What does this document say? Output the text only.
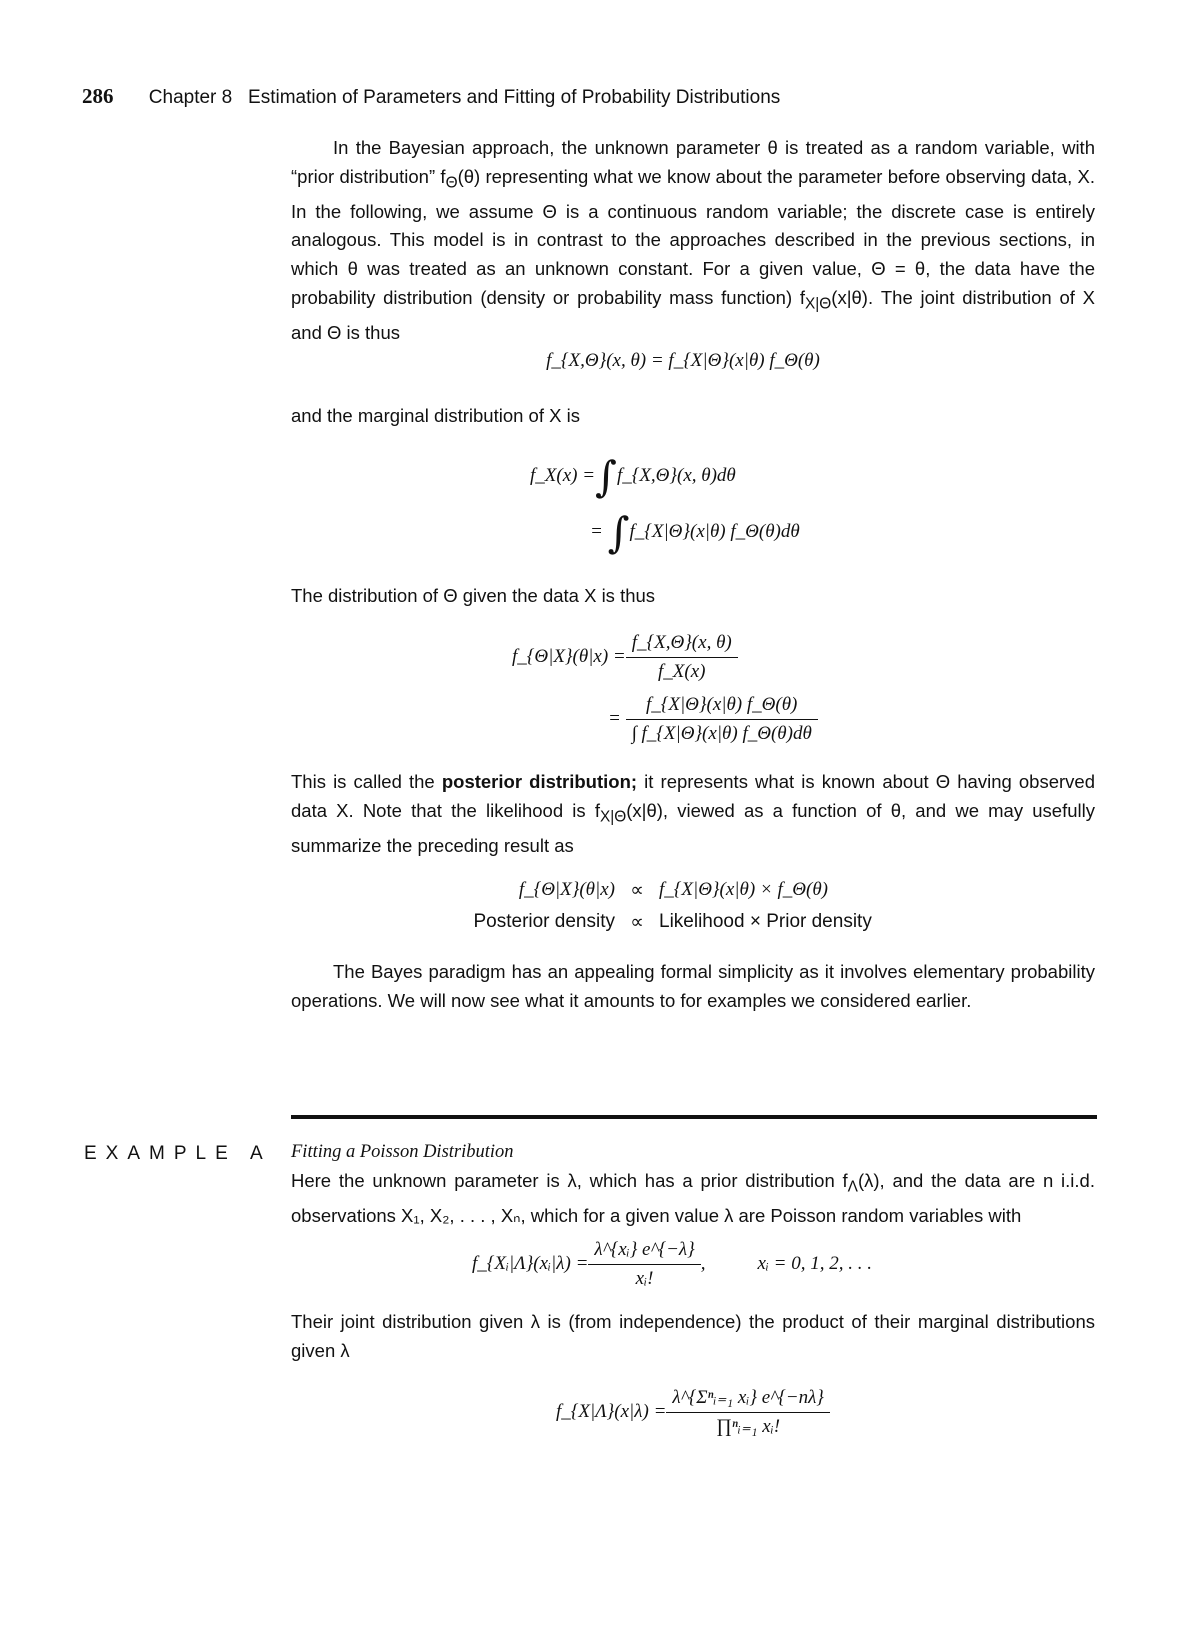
286 Chapter 8   Estimation of Parameters and Fitting of Probability Distributions

In the Bayesian approach, the unknown parameter θ is treated as a random variable, with “prior distribution” $f_\Theta(\theta)$ representing what we know about the parameter before observing data, X. In the following, we assume Θ is a continuous random variable; the discrete case is entirely analogous. This model is in contrast to the approaches described in the previous sections, in which θ was treated as an unknown constant. For a given value, Θ = θ, the data have the probability distribution (density or probability mass function) $f_{X|\Theta}(x|\theta)$. The joint distribution of X and Θ is thus

f_{X,Θ}(x, θ) = f_{X|Θ}(x|θ) f_Θ(θ)

and the marginal distribution of X is

f_X(x) = ∫ f_{X,Θ}(x, θ)dθ
= ∫ f_{X|Θ}(x|θ) f_Θ(θ)dθ

The distribution of Θ given the data X is thus

f_{Θ|X}(θ|x) = $\frac{f\_\{X,\Theta\}(x, \theta)}{f\_X(x)}$
= $\frac{f\_\{X|\Theta\}(x|\theta) f\_\Theta(\theta)}{\int f\_\{X|\Theta\}(x|\theta) f\_\Theta(\theta)d\theta}$

This is called the posterior distribution; it represents what is known about Θ having observed data X. Note that the likelihood is $f_{X|\Theta}(x|\theta)$, viewed as a function of θ, and we may usefully summarize the preceding result as

f_{Θ|X}(θ|x) ∝ f_{X|Θ}(x|θ) × f_Θ(θ)
Posterior density ∝ Likelihood × Prior density

The Bayes paradigm has an appealing formal simplicity as it involves elementary probability operations. We will now see what it amounts to for examples we considered earlier.

EXAMPLE A Fitting a Poisson Distribution

Here the unknown parameter is λ, which has a prior distribution $f_\Lambda(\lambda)$, and the data are n i.i.d. observations X₁, X₂, . . . , Xₙ, which for a given value λ are Poisson random variables with

f_{Xᵢ|Λ}(xᵢ|λ) = $\frac{\text{λ\textasciicircum{}\{xᵢ\} e\textasciicircum{}\{−λ\}}}{\text{xᵢ!}}$ ,	xᵢ = 0, 1, 2, . . .

Their joint distribution given λ is (from independence) the product of their marginal distributions given λ

f_{X|Λ}(x|λ) = $\frac{\text{λ\textasciicircum{}\{Σⁿᵢ₌₁ xᵢ\} e\textasciicircum{}\{−nλ\}}}{\text{∏ⁿᵢ₌₁ xᵢ!}}$
